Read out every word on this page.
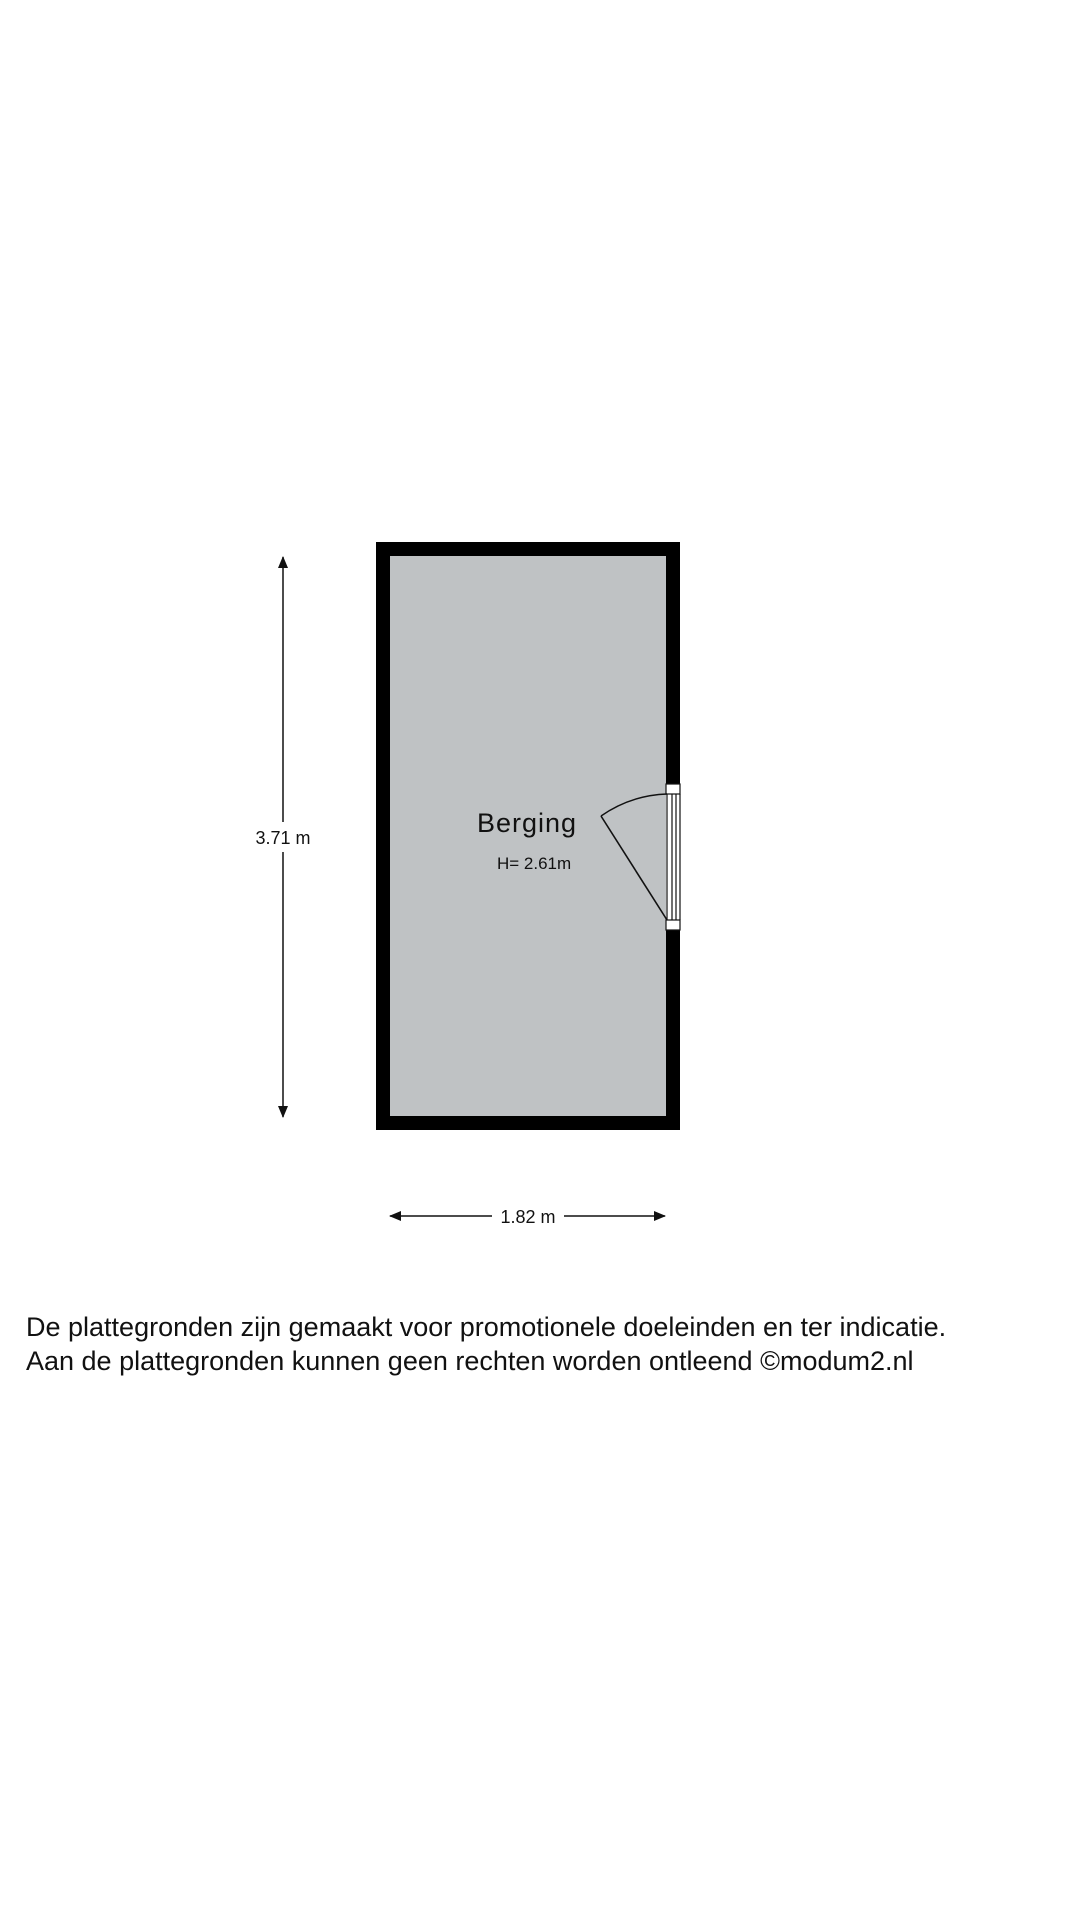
Berging
H= 2.61m
3.71 m
1.82 m
De plattegronden zijn gemaakt voor promotionele doeleinden en ter indicatie.
Aan de plattegronden kunnen geen rechten worden ontleend ©modum2.nl
